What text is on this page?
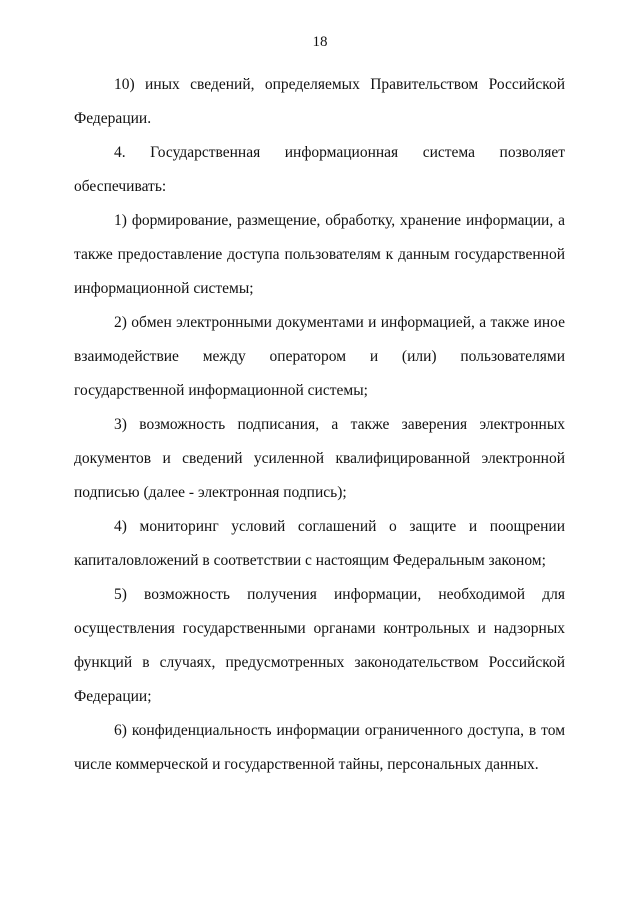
18

10) иных сведений, определяемых Правительством Российской Федерации.

4. Государственная информационная система позволяет обеспечивать:

1) формирование, размещение, обработку, хранение информации, а также предоставление доступа пользователям к данным государственной информационной системы;

2) обмен электронными документами и информацией, а также иное взаимодействие между оператором и (или) пользователями государственной информационной системы;

3) возможность подписания, а также заверения электронных документов и сведений усиленной квалифицированной электронной подписью (далее - электронная подпись);

4) мониторинг условий соглашений о защите и поощрении капиталовложений в соответствии с настоящим Федеральным законом;

5) возможность получения информации, необходимой для осуществления государственными органами контрольных и надзорных функций в случаях, предусмотренных законодательством Российской Федерации;

6) конфиденциальность информации ограниченного доступа, в том числе коммерческой и государственной тайны, персональных данных.
